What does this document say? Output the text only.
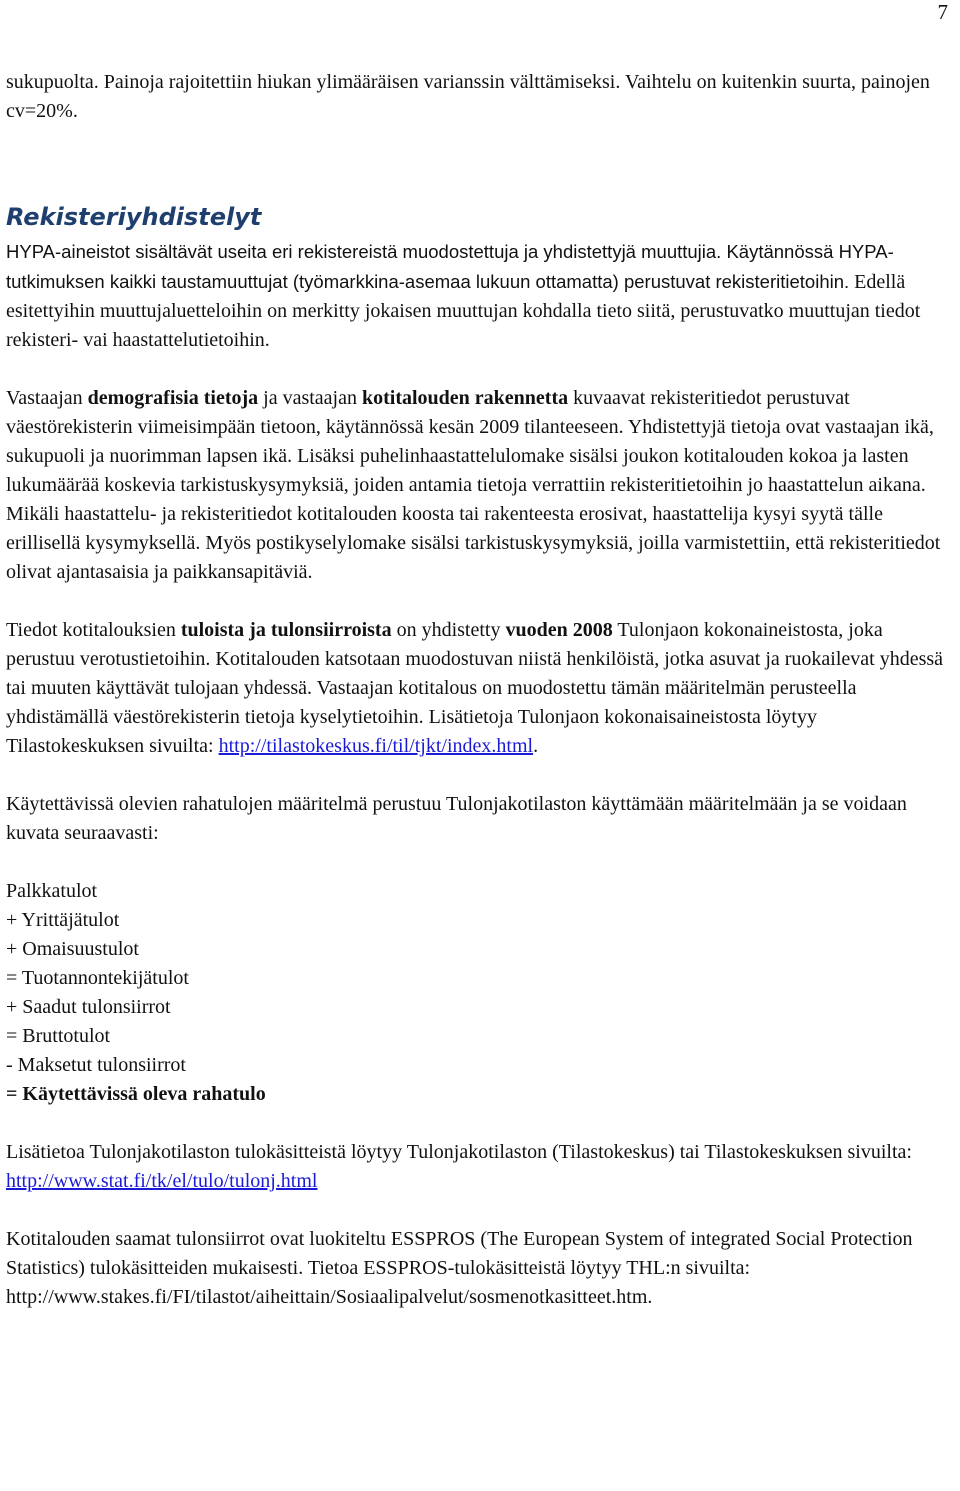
7

sukupuolta. Painoja rajoitettiin hiukan ylimääräisen varianssin välttämiseksi. Vaihtelu on kuitenkin suurta, painojen cv=20%.

Rekisteriyhdistelyt

HYPA-aineistot sisältävät useita eri rekistereistä muodostettuja ja yhdistettyjä muuttujia. Käytännössä HYPA-tutkimuksen kaikki taustamuuttujat (työmarkkina-asemaa lukuun ottamatta) perustuvat rekisteritietoihin. Edellä esitettyihin muuttujaluetteloihin on merkitty jokaisen muuttujan kohdalla tieto siitä, perustuvatko muuttujan tiedot rekisteri- vai haastattelutietoihin.

Vastaajan demografisia tietoja ja vastaajan kotitalouden rakennetta kuvaavat rekisteritiedot perustuvat väestörekisterin viimeisimpään tietoon, käytännössä kesän 2009 tilanteeseen. Yhdistettyjä tietoja ovat vastaajan ikä, sukupuoli ja nuorimman lapsen ikä. Lisäksi puhelinhaastattelulomake sisälsi joukon kotitalouden kokoa ja lasten lukumäärää koskevia tarkistuskysymyksiä, joiden antamia tietoja verrattiin rekisteritietoihin jo haastattelun aikana. Mikäli haastattelu- ja rekisteritiedot kotitalouden koosta tai rakenteesta erosivat, haastattelija kysyi syytä tälle erillisellä kysymyksellä. Myös postikyselylomake sisälsi tarkistuskysymyksiä, joilla varmistettiin, että rekisteritiedot olivat ajantasaisia ja paikkansapitäviä.

Tiedot kotitalouksien tuloista ja tulonsiirroista on yhdistetty vuoden 2008 Tulonjaon kokonaineistosta, joka perustuu verotustietoihin. Kotitalouden katsotaan muodostuvan niistä henkilöistä, jotka asuvat ja ruokailevat yhdessä tai muuten käyttävät tulojaan yhdessä. Vastaajan kotitalous on muodostettu tämän määritelmän perusteella yhdistämällä väestörekisterin tietoja kyselytietoihin. Lisätietoja Tulonjaon kokonaisaineistosta löytyy Tilastokeskuksen sivuilta: http://tilastokeskus.fi/til/tjkt/index.html.

Käytettävissä olevien rahatulojen määritelmä perustuu Tulonjakotilaston käyttämään määritelmään ja se voidaan kuvata seuraavasti:

Palkkatulot

+ Yrittäjätulot

+ Omaisuustulot

= Tuotannontekijätulot

+ Saadut tulonsiirrot

= Bruttotulot

- Maksetut tulonsiirrot

= Käytettävissä oleva rahatulo

Lisätietoa Tulonjakotilaston tulokäsitteistä löytyy Tulonjakotilaston (Tilastokeskus) tai Tilastokeskuksen sivuilta: http://www.stat.fi/tk/el/tulo/tulonj.html

Kotitalouden saamat tulonsiirrot ovat luokiteltu ESSPROS (The European System of integrated Social Protection Statistics) tulokäsitteiden mukaisesti. Tietoa ESSPROS-tulokäsitteistä löytyy THL:n sivuilta: http://www.stakes.fi/FI/tilastot/aiheittain/Sosiaalipalvelut/sosmenotkasitteet.htm.
